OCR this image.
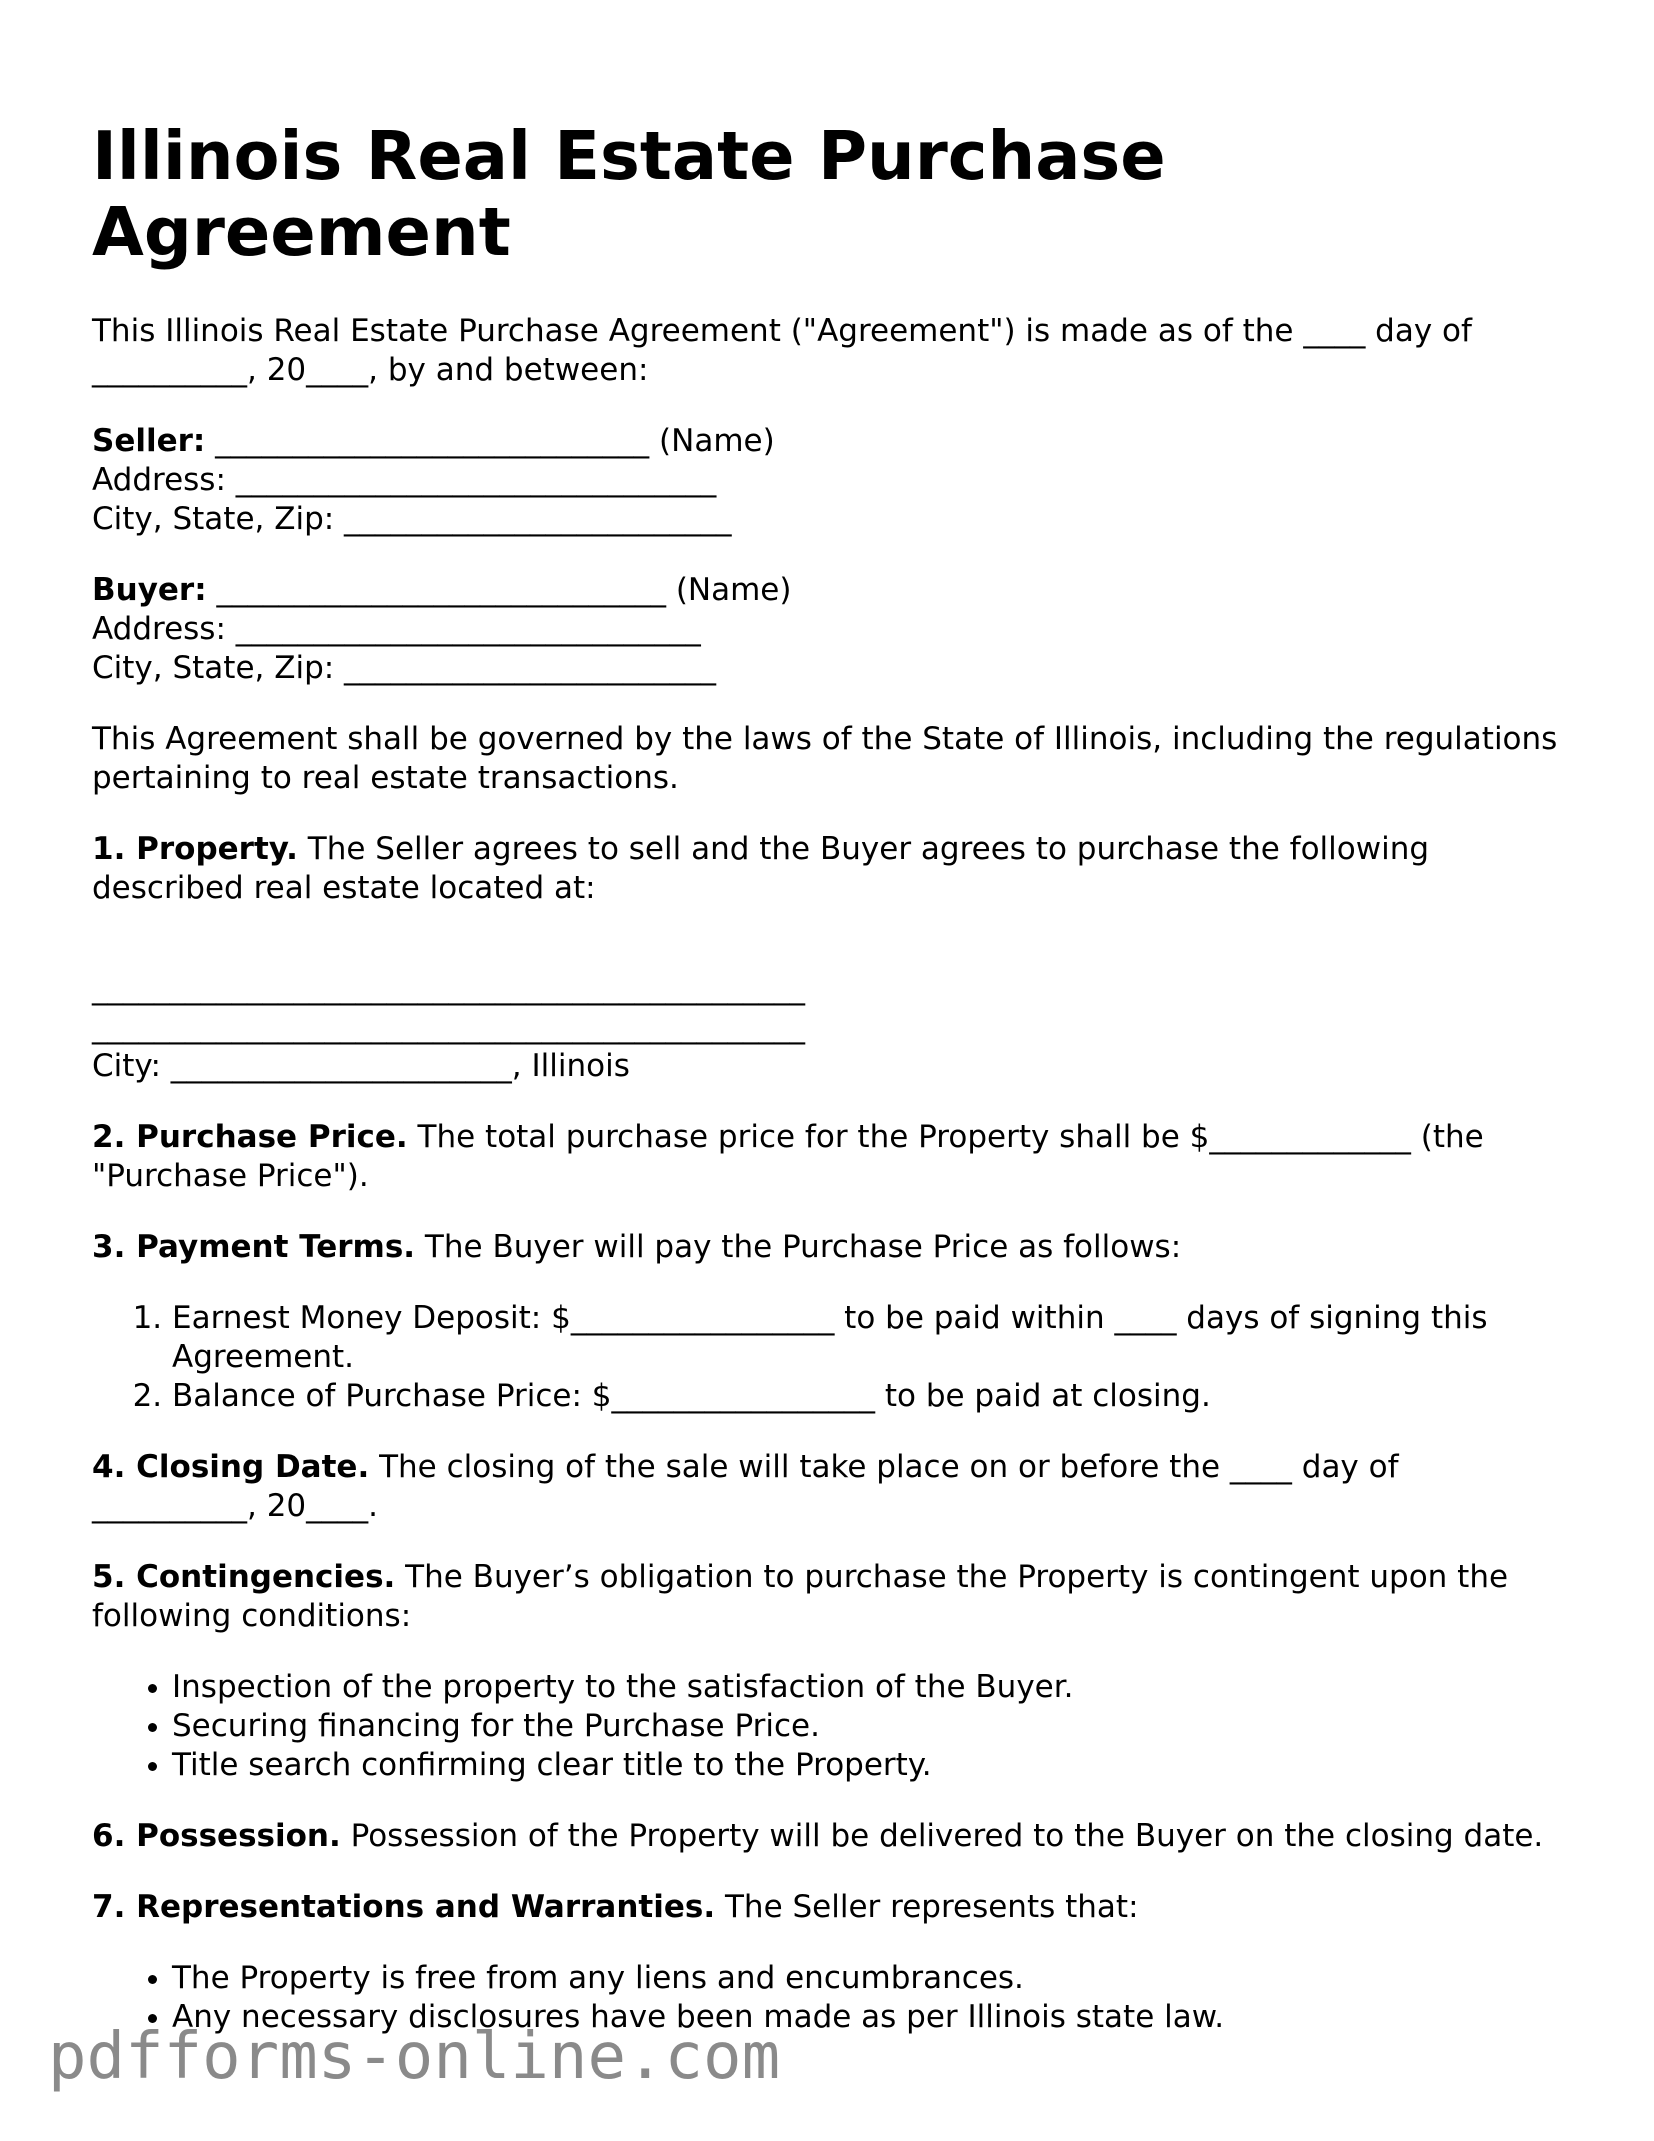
Illinois Real Estate Purchase Agreement

This Illinois Real Estate Purchase Agreement ("Agreement") is made as of the ____ day of __________, 20____, by and between:

Seller: ____________________________ (Name)
Address: _______________________________
City, State, Zip: _________________________
Buyer: _____________________________ (Name)
Address: ______________________________
City, State, Zip: ________________________

This Agreement shall be governed by the laws of the State of Illinois, including the regulations pertaining to real estate transactions.

1. Property. The Seller agrees to sell and the Buyer agrees to purchase the following described real estate located at:

______________________________________________
______________________________________________
City: ______________________, Illinois

2. Purchase Price. The total purchase price for the Property shall be $_____________ (the "Purchase Price").

3. Payment Terms. The Buyer will pay the Purchase Price as follows:

1. Earnest Money Deposit: $_________________ to be paid within ____ days of signing this Agreement.
2. Balance of Purchase Price: $_________________ to be paid at closing.

4. Closing Date. The closing of the sale will take place on or before the ____ day of __________, 20____.

5. Contingencies. The Buyer’s obligation to purchase the Property is contingent upon the following conditions:

• Inspection of the property to the satisfaction of the Buyer.
• Securing financing for the Purchase Price.
• Title search confirming clear title to the Property.

6. Possession. Possession of the Property will be delivered to the Buyer on the closing date.

7. Representations and Warranties. The Seller represents that:

• The Property is free from any liens and encumbrances.
• Any necessary disclosures have been made as per Illinois state law.
pdfforms-online.com
